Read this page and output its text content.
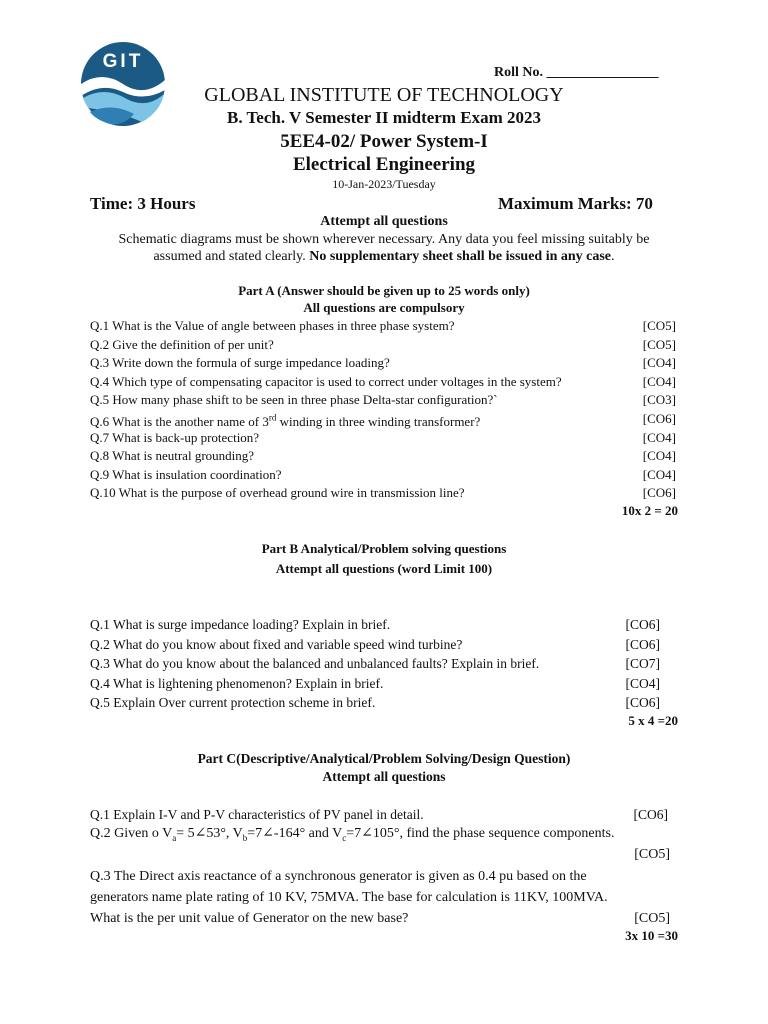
GIT
Roll No. ________________
GLOBAL INSTITUTE OF TECHNOLOGY
B. Tech. V Semester II midterm Exam 2023
5EE4-02/ Power System-I
Electrical Engineering
10-Jan-2023/Tuesday
Time: 3 Hours	Maximum Marks: 70
Attempt all questions
Schematic diagrams must be shown wherever necessary. Any data you feel missing suitably be
assumed and stated clearly. No supplementary sheet shall be issued in any case.
Part A (Answer should be given up to 25 words only)
All questions are compulsory
Q.1 What is the Value of angle between phases in three phase system?	[CO5]
Q.2 Give the definition of per unit?	[CO5]
Q.3 Write down the formula of surge impedance loading?	[CO4]
Q.4 Which type of compensating capacitor is used to correct under voltages in the system?	[CO4]
Q.5 How many phase shift to be seen in three phase Delta-star configuration?`	[CO3]
Q.6 What is the another name of 3rd winding in three winding transformer?	[CO6]
Q.7 What is back-up protection?	[CO4]
Q.8 What is neutral grounding?	[CO4]
Q.9 What is insulation coordination?	[CO4]
Q.10 What is the purpose of overhead ground wire in transmission line?	[CO6]
10x 2 = 20
Part B Analytical/Problem solving questions
Attempt all questions (word Limit 100)
Q.1 What is surge impedance loading? Explain in brief.	[CO6]
Q.2 What do you know about fixed and variable speed wind turbine?	[CO6]
Q.3 What do you know about the balanced and unbalanced faults? Explain in brief.	[CO7]
Q.4 What is lightening phenomenon? Explain in brief.	[CO4]
Q.5 Explain Over current protection scheme in brief.	[CO6]
5 x 4 =20
Part C(Descriptive/Analytical/Problem Solving/Design Question)
Attempt all questions
Q.1 Explain I-V and P-V characteristics of PV panel in detail.	[CO6]
Q.2 Given o $V_a=$ 5∠53°, $V_b=7\angle-164^\circ$ and $V_c=7\angle 105^\circ$, find the phase sequence components.
[CO5]
Q.3 The Direct axis reactance of a synchronous generator is given as 0.4 pu based on the
generators name plate rating of 10 KV, 75MVA. The base for calculation is 11KV, 100MVA.
What is the per unit value of Generator on the new base?	[CO5]
3x 10 =30
